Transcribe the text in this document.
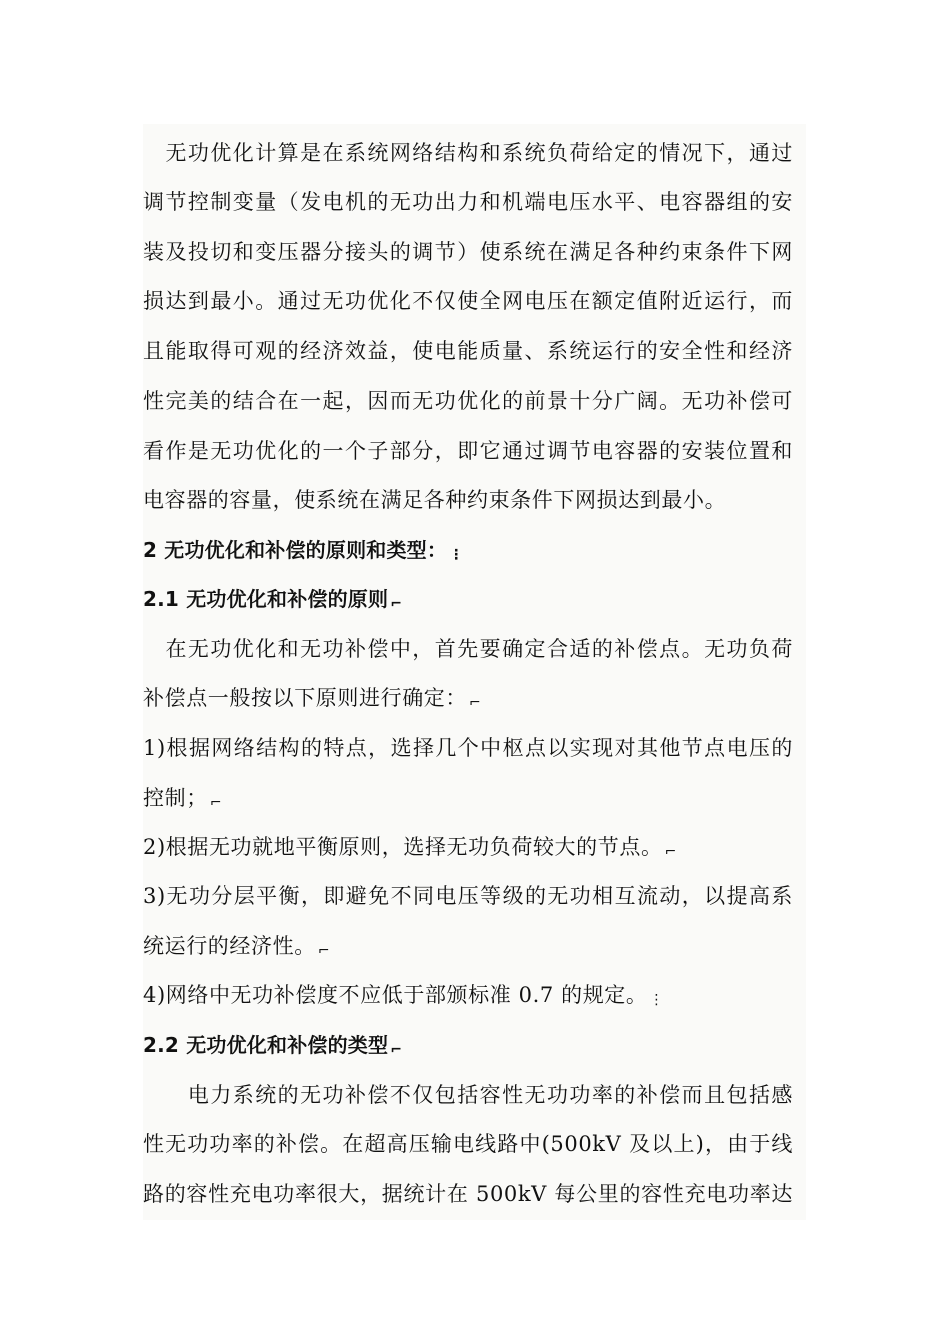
　无功优化计算是在系统网络结构和系统负荷给定的情况下，通过
调节控制变量（发电机的无功出力和机端电压水平、电容器组的安
装及投切和变压器分接头的调节）使系统在满足各种约束条件下网
损达到最小。通过无功优化不仅使全网电压在额定值附近运行，而
且能取得可观的经济效益，使电能质量、系统运行的安全性和经济
性完美的结合在一起，因而无功优化的前景十分广阔。无功补偿可
看作是无功优化的一个子部分，即它通过调节电容器的安装位置和
电容器的容量，使系统在满足各种约束条件下网损达到最小。
2 无功优化和补偿的原则和类型： ⋮
2.1 无功优化和补偿的原则 ⌐
　在无功优化和无功补偿中，首先要确定合适的补偿点。无功负荷
补偿点一般按以下原则进行确定： ⌐
1)根据网络结构的特点，选择几个中枢点以实现对其他节点电压的
控制； ⌐
2)根据无功就地平衡原则，选择无功负荷较大的节点。 ⌐
3)无功分层平衡，即避免不同电压等级的无功相互流动，以提高系
统运行的经济性。 ⌐
4)网络中无功补偿度不应低于部颁标准 0.7 的规定。 ⋮
2.2 无功优化和补偿的类型 ⌐
　　电力系统的无功补偿不仅包括容性无功功率的补偿而且包括感
性无功功率的补偿。在超高压输电线路中(500kV 及以上)，由于线
路的容性充电功率很大，据统计在 500kV 每公里的容性充电功率达
